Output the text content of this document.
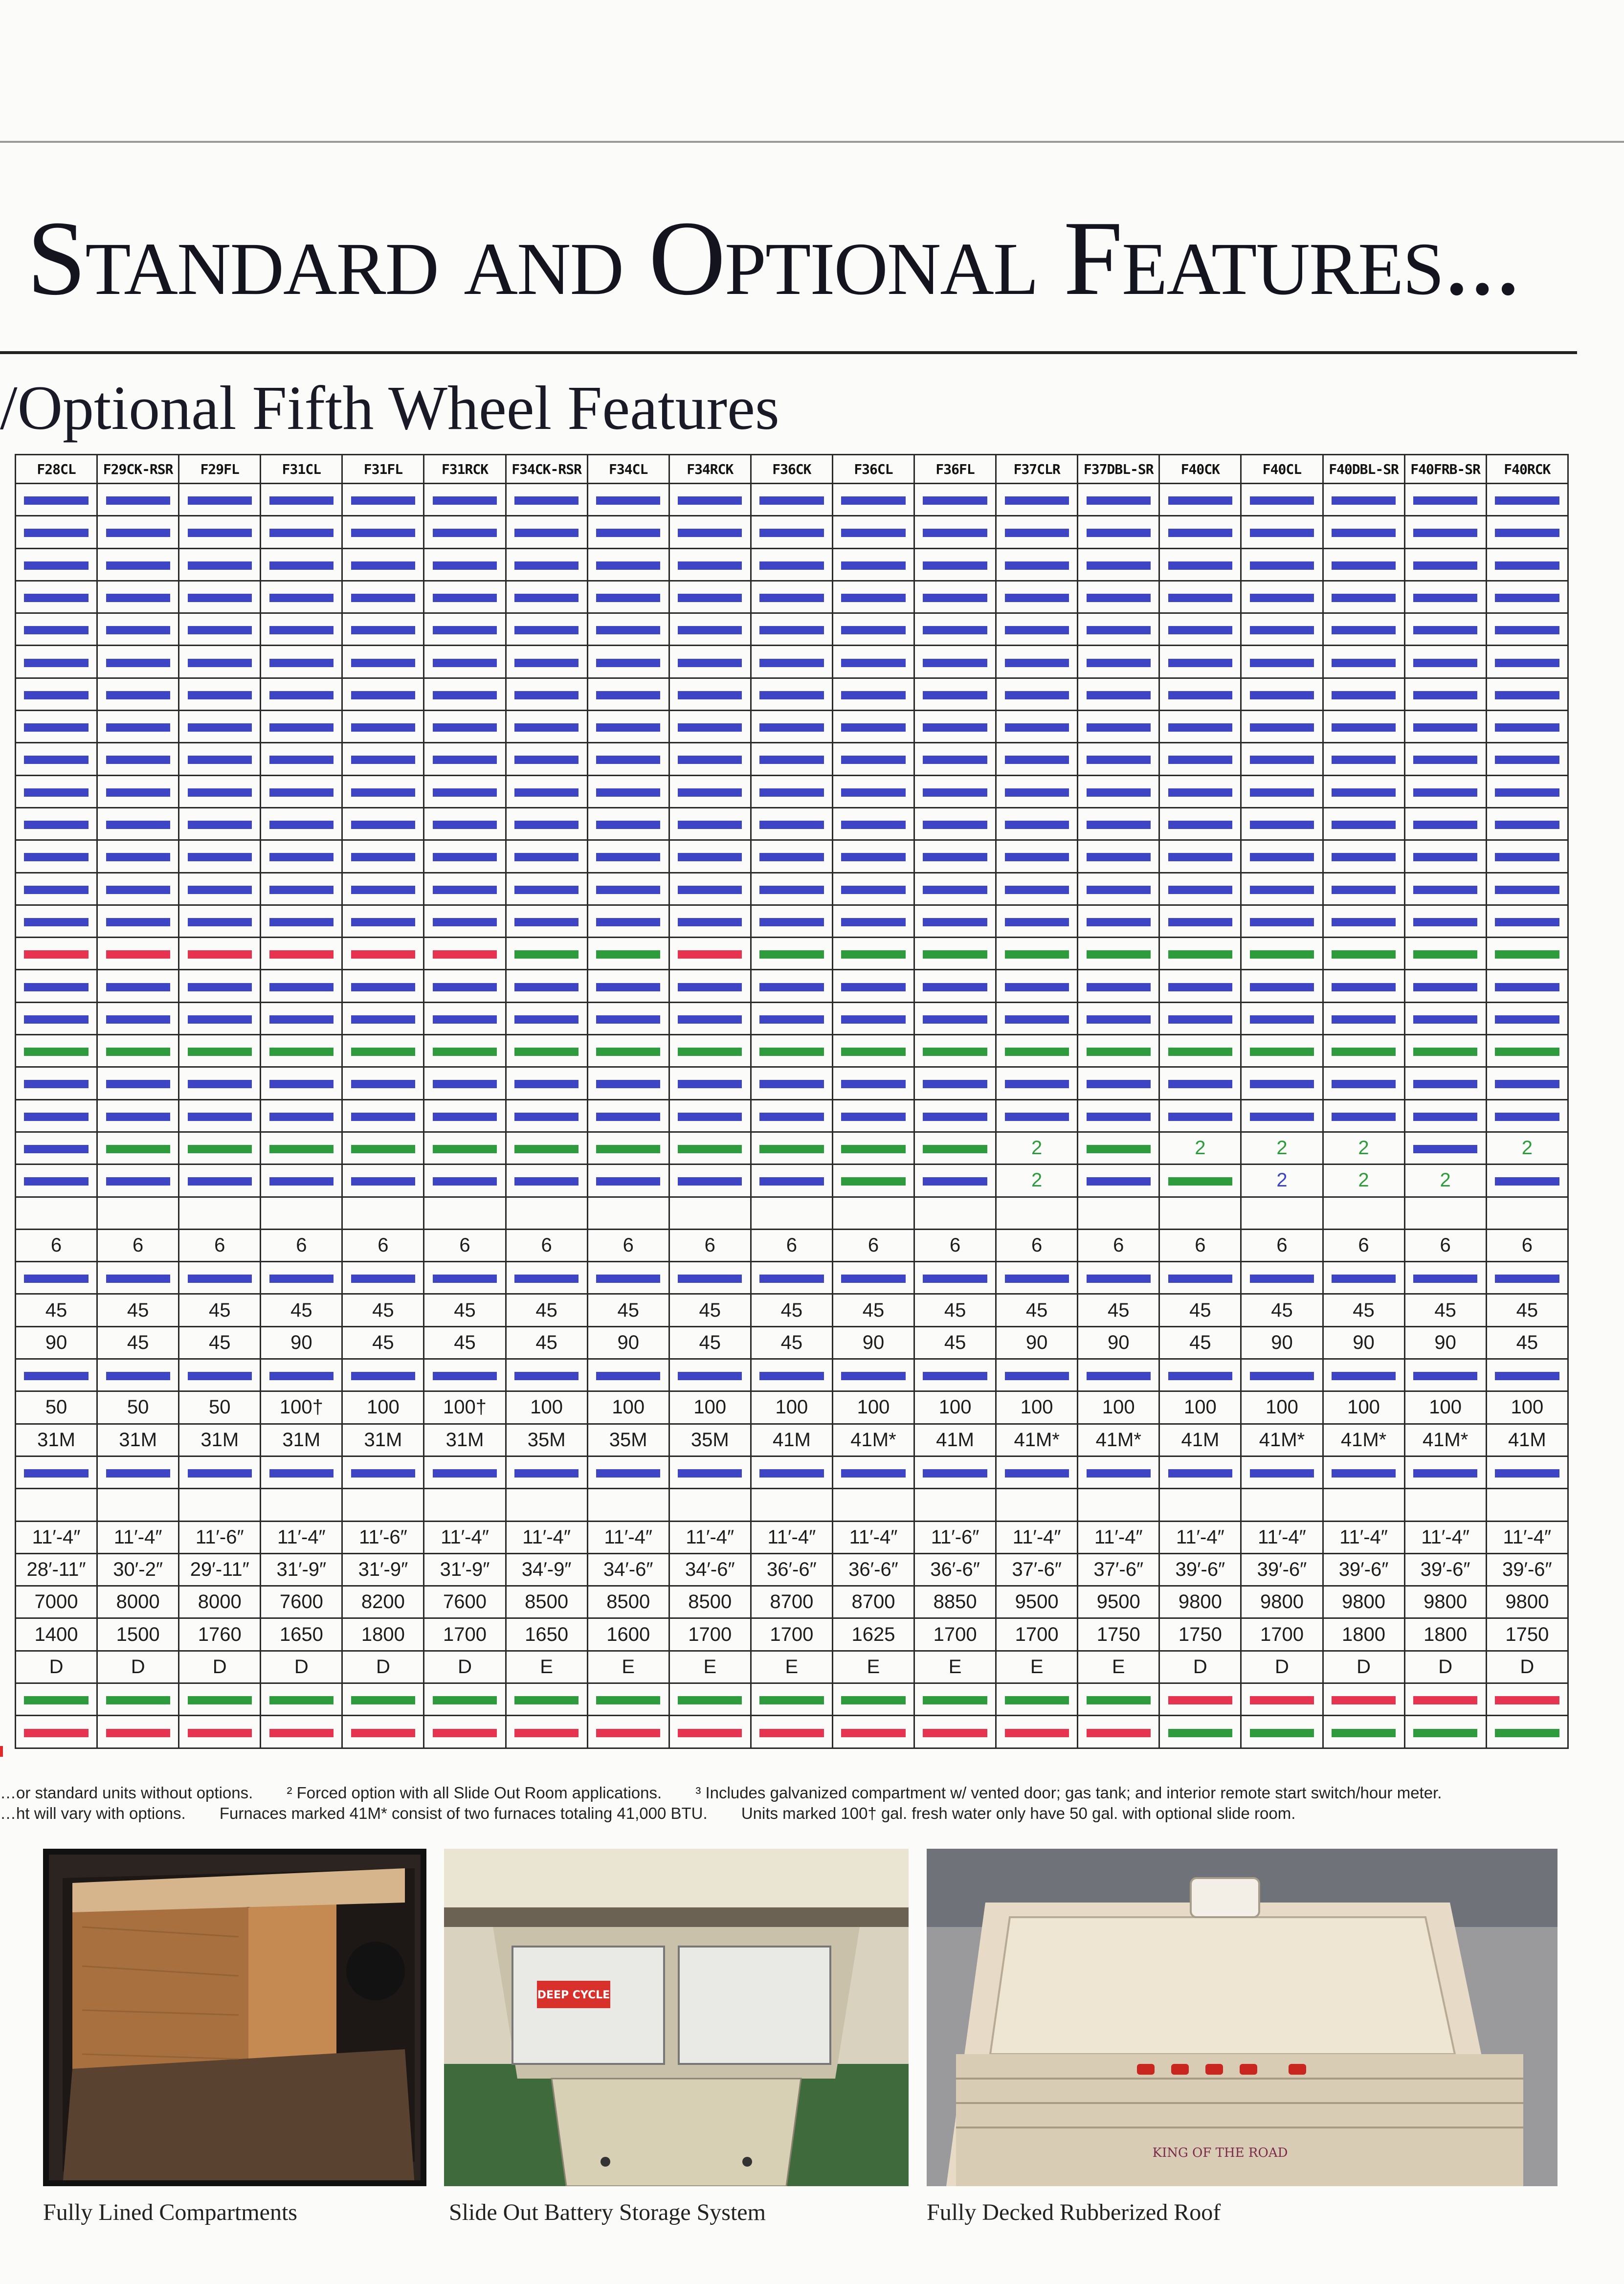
Standard and Optional Features...
/Optional Fifth Wheel Features
F28CL	F29CK-RSR	F29FL	F31CL	F31FL	F31RCK	F34CK-RSR	F34CL	F34RCK	F36CK	F36CL	F36FL	F37CLR	F37DBL-SR	F40CK	F40CL	F40DBL-SR	F40FRB-SR	F40RCK

												2		2	2	2		2
												2			2	2	2	

6	6	6	6	6	6	6	6	6	6	6	6	6	6	6	6	6	6	6

45	45	45	45	45	45	45	45	45	45	45	45	45	45	45	45	45	45	45
90	45	45	90	45	45	45	90	45	45	90	45	90	90	45	90	90	90	45

50	50	50	100†	100	100†	100	100	100	100	100	100	100	100	100	100	100	100	100
31M	31M	31M	31M	31M	31M	35M	35M	35M	41M	41M*	41M	41M*	41M*	41M	41M*	41M*	41M*	41M

11′-4″	11′-4″	11′-6″	11′-4″	11′-6″	11′-4″	11′-4″	11′-4″	11′-4″	11′-4″	11′-4″	11′-6″	11′-4″	11′-4″	11′-4″	11′-4″	11′-4″	11′-4″	11′-4″
28′-11″	30′-2″	29′-11″	31′-9″	31′-9″	31′-9″	34′-9″	34′-6″	34′-6″	36′-6″	36′-6″	36′-6″	37′-6″	37′-6″	39′-6″	39′-6″	39′-6″	39′-6″	39′-6″
7000	8000	8000	7600	8200	7600	8500	8500	8500	8700	8700	8850	9500	9500	9800	9800	9800	9800	9800
1400	1500	1760	1650	1800	1700	1650	1600	1700	1700	1625	1700	1700	1750	1750	1700	1800	1800	1750
D	D	D	D	D	D	E	E	E	E	E	E	E	E	D	D	D	D	D

…or standard units without options. ² Forced option with all Slide Out Room applications. ³ Includes galvanized compartment w/ vented door; gas tank; and interior remote start switch/hour meter.
…ht will vary with options. Furnaces marked 41M* consist of two furnaces totaling 41,000 BTU. Units marked 100† gal. fresh water only have 50 gal. with optional slide room.
Fully Lined Compartments
DEEP CYCLE
Slide Out Battery Storage System
KING OF THE ROAD
Fully Decked Rubberized Roof
